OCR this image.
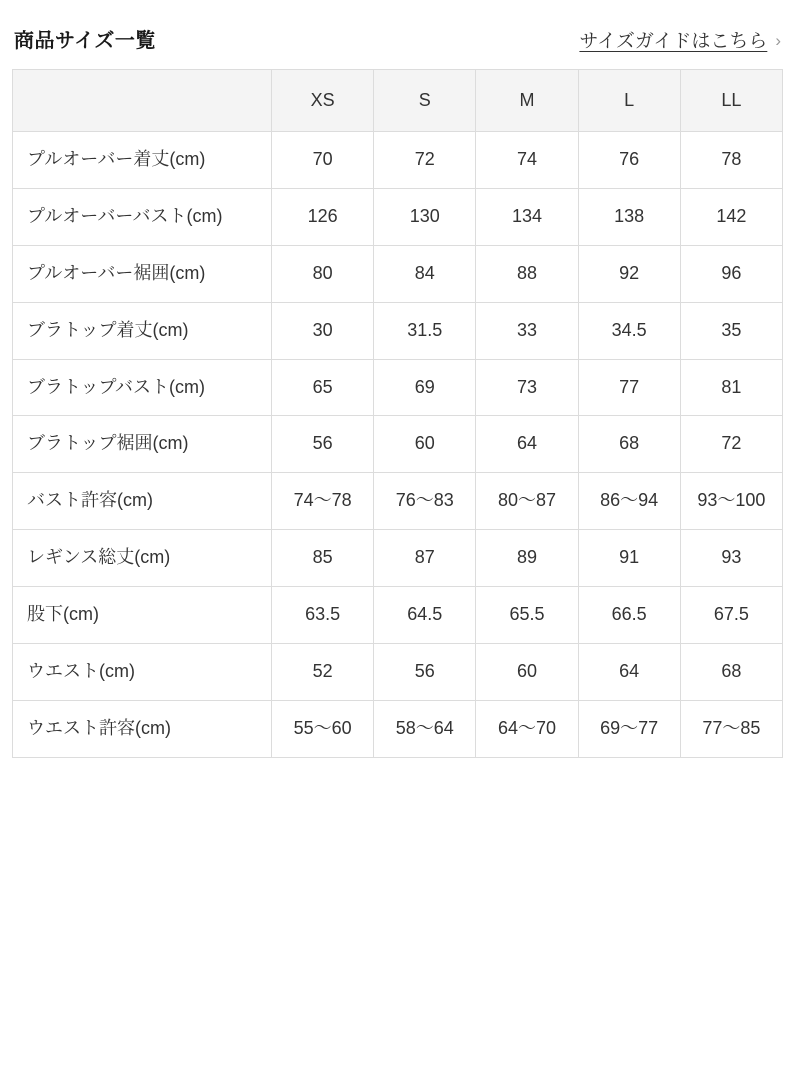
商品サイズ一覧	サイズガイドはこちら ›
	XS	S	M	L	LL
プルオーバー着丈(cm)	70	72	74	76	78
プルオーバーバスト(cm)	126	130	134	138	142
プルオーバー裾囲(cm)	80	84	88	92	96
ブラトップ着丈(cm)	30	31.5	33	34.5	35
ブラトップバスト(cm)	65	69	73	77	81
ブラトップ裾囲(cm)	56	60	64	68	72
バスト許容(cm)	74〜78	76〜83	80〜87	86〜94	93〜100
レギンス総丈(cm)	85	87	89	91	93
股下(cm)	63.5	64.5	65.5	66.5	67.5
ウエスト(cm)	52	56	60	64	68
ウエスト許容(cm)	55〜60	58〜64	64〜70	69〜77	77〜85
